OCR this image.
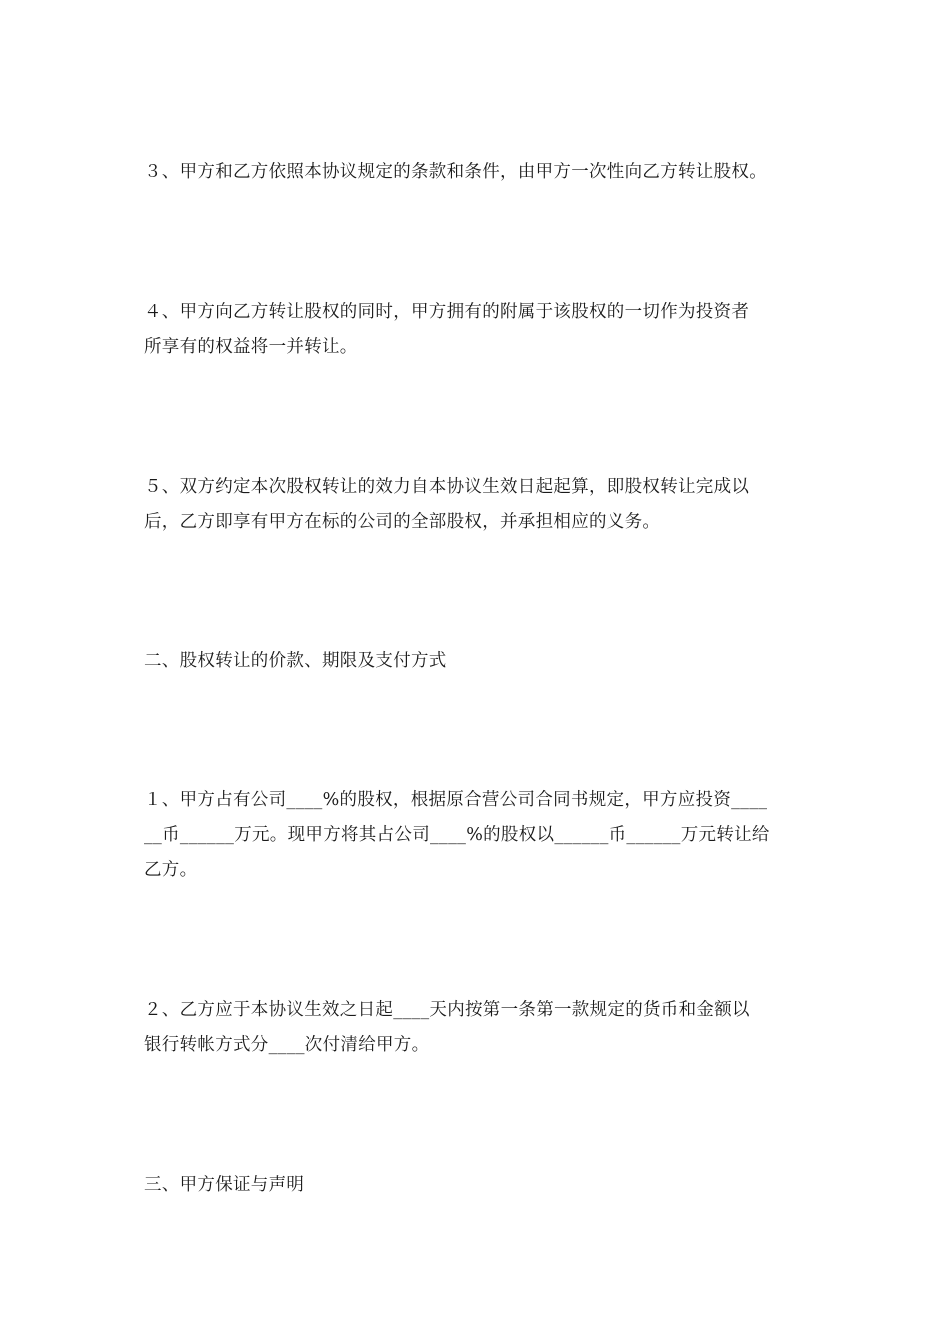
３、甲方和乙方依照本协议规定的条款和条件，由甲方一次性向乙方转让股权。

４、甲方向乙方转让股权的同时，甲方拥有的附属于该股权的一切作为投资者
所享有的权益将一并转让。

５、双方约定本次股权转让的效力自本协议生效日起起算，即股权转让完成以
后，乙方即享有甲方在标的公司的全部股权，并承担相应的义务。

二、股权转让的价款、期限及支付方式

１、甲方占有公司____%的股权，根据原合营公司合同书规定，甲方应投资____
__币______万元。现甲方将其占公司____%的股权以______币______万元转让给
乙方。

２、乙方应于本协议生效之日起____天内按第一条第一款规定的货币和金额以
银行转帐方式分____次付清给甲方。

三、甲方保证与声明
